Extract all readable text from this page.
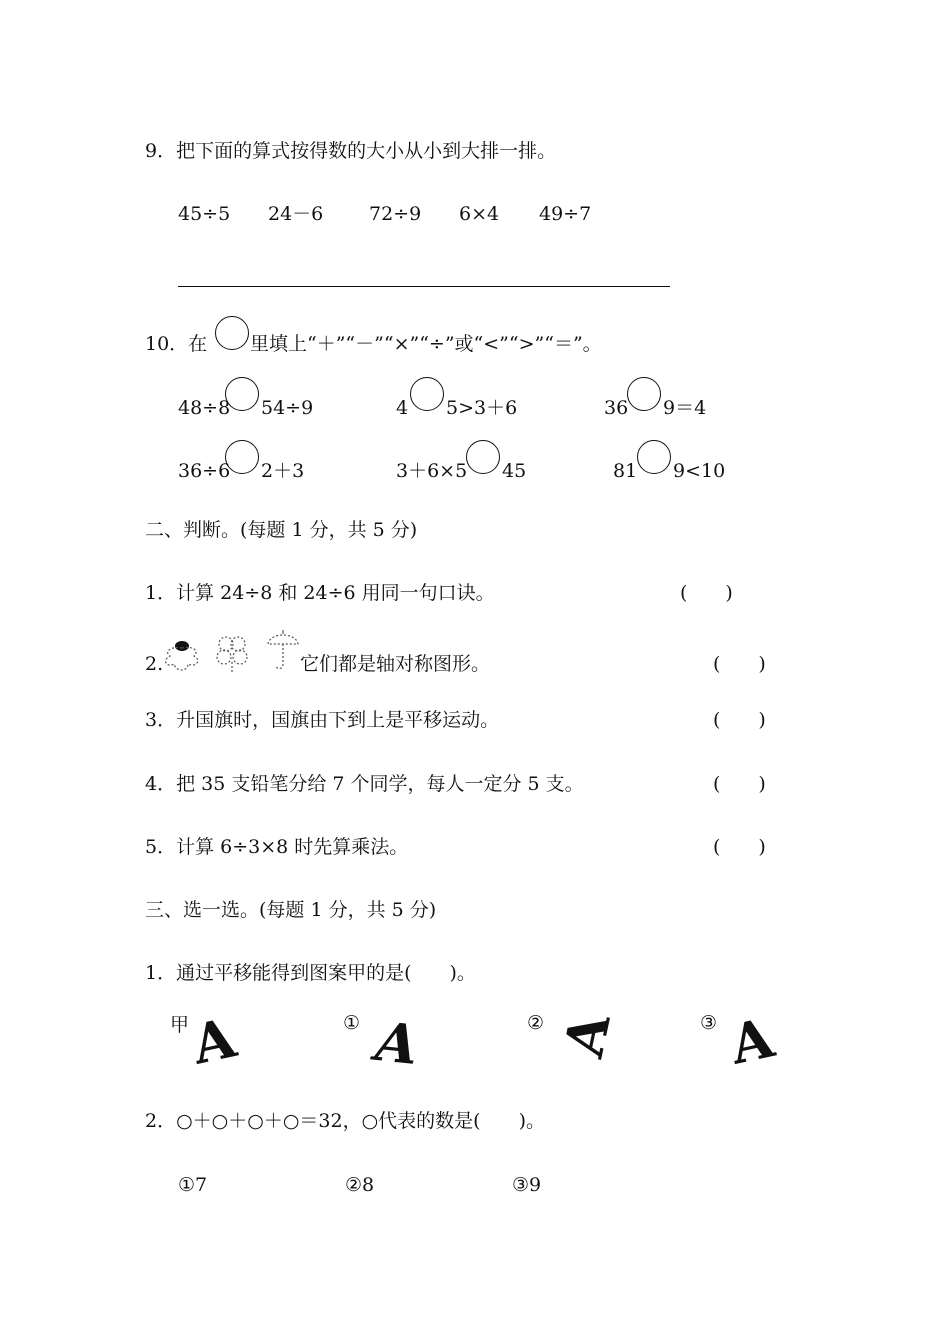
9．把下面的算式按得数的大小从小到大排一排。
45÷5 24－6 72÷9 6×4 49÷7
10．在 里填上“＋”“－”“×”“÷”或“<”“>”“＝”。
48÷8 54÷9	4 5>3＋6	36 9＝4
36÷6 2＋3	3＋6×5 45	81 9<10
二、判断。(每题 1 分，共 5 分)
1．计算 24÷8 和 24÷6 用同一句口诀。	(　　)
2.	它们都是轴对称图形。	(　　)
3．升国旗时，国旗由下到上是平移运动。	(　　)
4．把 35 支铅笔分给 7 个同学，每人一定分 5 支。	(　　)
5．计算 6÷3×8 时先算乘法。	(　　)
三、选一选。(每题 1 分，共 5 分)
1．通过平移能得到图案甲的是(　　)。
甲
A	① A	② A	③ A
2．○＋○＋○＋○＝32，○代表的数是(　　)。
①7	②8	③9
